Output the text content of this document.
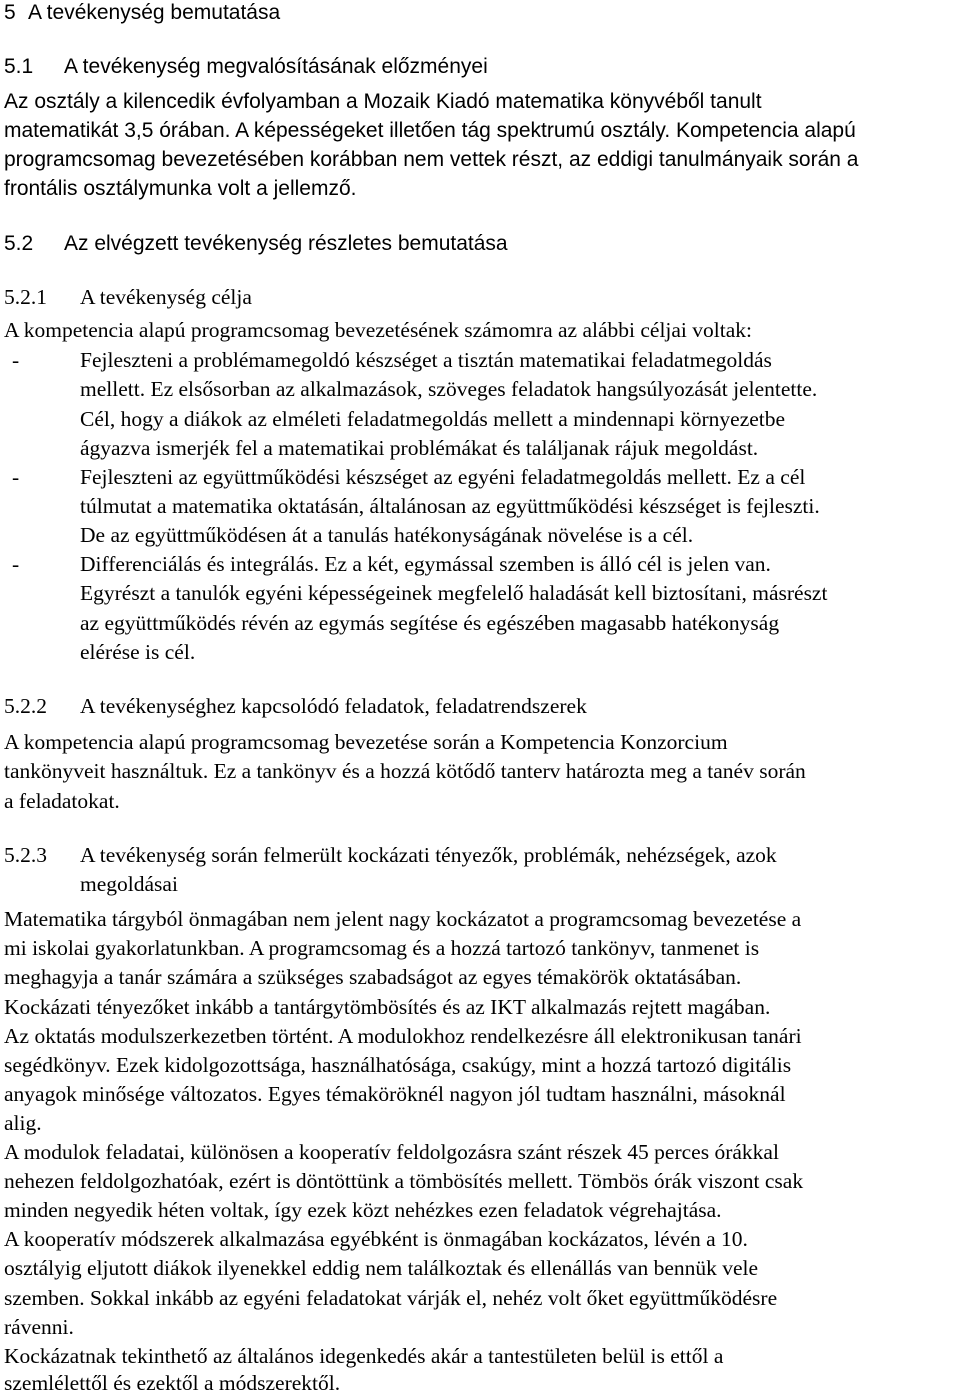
5 A tevékenység bemutatása
5.1 A tevékenység megvalósításának előzményei
Az osztály a kilencedik évfolyamban a Mozaik Kiadó matematika könyvéből tanult
matematikát 3,5 órában. A képességeket illetően tág spektrumú osztály. Kompetencia alapú
programcsomag bevezetésében korábban nem vettek részt, az eddigi tanulmányaik során a
frontális osztálymunka volt a jellemző.
5.2 Az elvégzett tevékenység részletes bemutatása
5.2.1 A tevékenység célja
A kompetencia alapú programcsomag bevezetésének számomra az alábbi céljai voltak:
-	Fejleszteni a problémamegoldó készséget a tisztán matematikai feladatmegoldás
mellett. Ez elsősorban az alkalmazások, szöveges feladatok hangsúlyozását jelentette.
Cél, hogy a diákok az elméleti feladatmegoldás mellett a mindennapi környezetbe
ágyazva ismerjék fel a matematikai problémákat és találjanak rájuk megoldást.
-	Fejleszteni az együttműködési készséget az egyéni feladatmegoldás mellett. Ez a cél
túlmutat a matematika oktatásán, általánosan az együttműködési készséget is fejleszti.
De az együttműködésen át a tanulás hatékonyságának növelése is a cél.
-	Differenciálás és integrálás. Ez a két, egymással szemben is álló cél is jelen van.
Egyrészt a tanulók egyéni képességeinek megfelelő haladását kell biztosítani, másrészt
az együttműködés révén az egymás segítése és egészében magasabb hatékonyság
elérése is cél.
5.2.2 A tevékenységhez kapcsolódó feladatok, feladatrendszerek
A kompetencia alapú programcsomag bevezetése során a Kompetencia Konzorcium
tankönyveit használtuk. Ez a tankönyv és a hozzá kötődő tanterv határozta meg a tanév során
a feladatokat.
5.2.3 A tevékenység során felmerült kockázati tényezők, problémák, nehézségek, azok
megoldásai
Matematika tárgyból önmagában nem jelent nagy kockázatot a programcsomag bevezetése a
mi iskolai gyakorlatunkban. A programcsomag és a hozzá tartozó tankönyv, tanmenet is
meghagyja a tanár számára a szükséges szabadságot az egyes témakörök oktatásában.
Kockázati tényezőket inkább a tantárgytömbösítés és az IKT alkalmazás rejtett magában.
Az oktatás modulszerkezetben történt. A modulokhoz rendelkezésre áll elektronikusan tanári
segédkönyv. Ezek kidolgozottsága, használhatósága, csakúgy, mint a hozzá tartozó digitális
anyagok minősége változatos. Egyes témaköröknél nagyon jól tudtam használni, másoknál
alig.
A modulok feladatai, különösen a kooperatív feldolgozásra szánt részek 45 perces órákkal
nehezen feldolgozhatóak, ezért is döntöttünk a tömbösítés mellett. Tömbös órák viszont csak
minden negyedik héten voltak, így ezek közt nehézkes ezen feladatok végrehajtása.
A kooperatív módszerek alkalmazása egyébként is önmagában kockázatos, lévén a 10.
osztályig eljutott diákok ilyenekkel eddig nem találkoztak és ellenállás van bennük vele
szemben. Sokkal inkább az egyéni feladatokat várják el, nehéz volt őket együttműködésre
rávenni.
Kockázatnak tekinthető az általános idegenkedés akár a tantestületen belül is ettől a
szemlélettől és ezektől a módszerektől.
